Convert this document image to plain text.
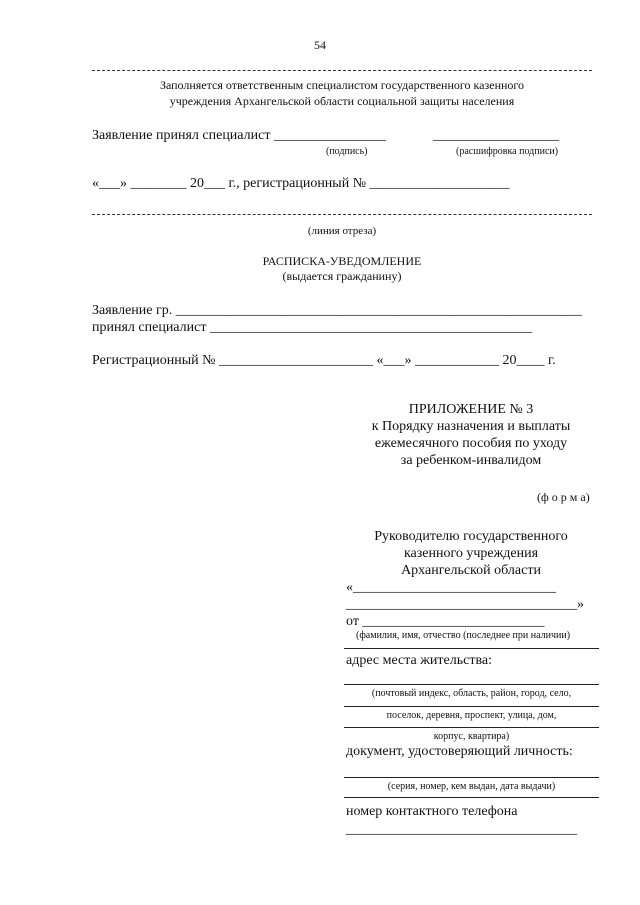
54
Заполняется ответственным специалистом государственного казенного
учреждения Архангельской области социальной защиты населения
Заявление принял специалист ________________	__________________
(подпись)	(расшифровка подписи)
«___» ________ 20___ г., регистрационный № ____________________
(линия отреза)
РАСПИСКА-УВЕДОМЛЕНИЕ
(выдается гражданину)
Заявление гр. __________________________________________________________
принял специалист ______________________________________________
Регистрационный № ______________________ «___» ____________ 20____ г.
ПРИЛОЖЕНИЕ № 3
к Порядку назначения и выплаты
ежемесячного пособия по уходу
за ребенком-инвалидом
(ф о р м а)
Руководителю государственного
казенного учреждения
Архангельской области
«_____________________________
_________________________________»
от __________________________
(фамилия, имя, отчество (последнее при наличии)
адрес места жительства:
(почтовый индекс, область, район, город, село,
поселок, деревня, проспект, улица, дом,
корпус, квартира)
документ, удостоверяющий личность:
(серия, номер, кем выдан, дата выдачи)
номер контактного телефона
_________________________________
